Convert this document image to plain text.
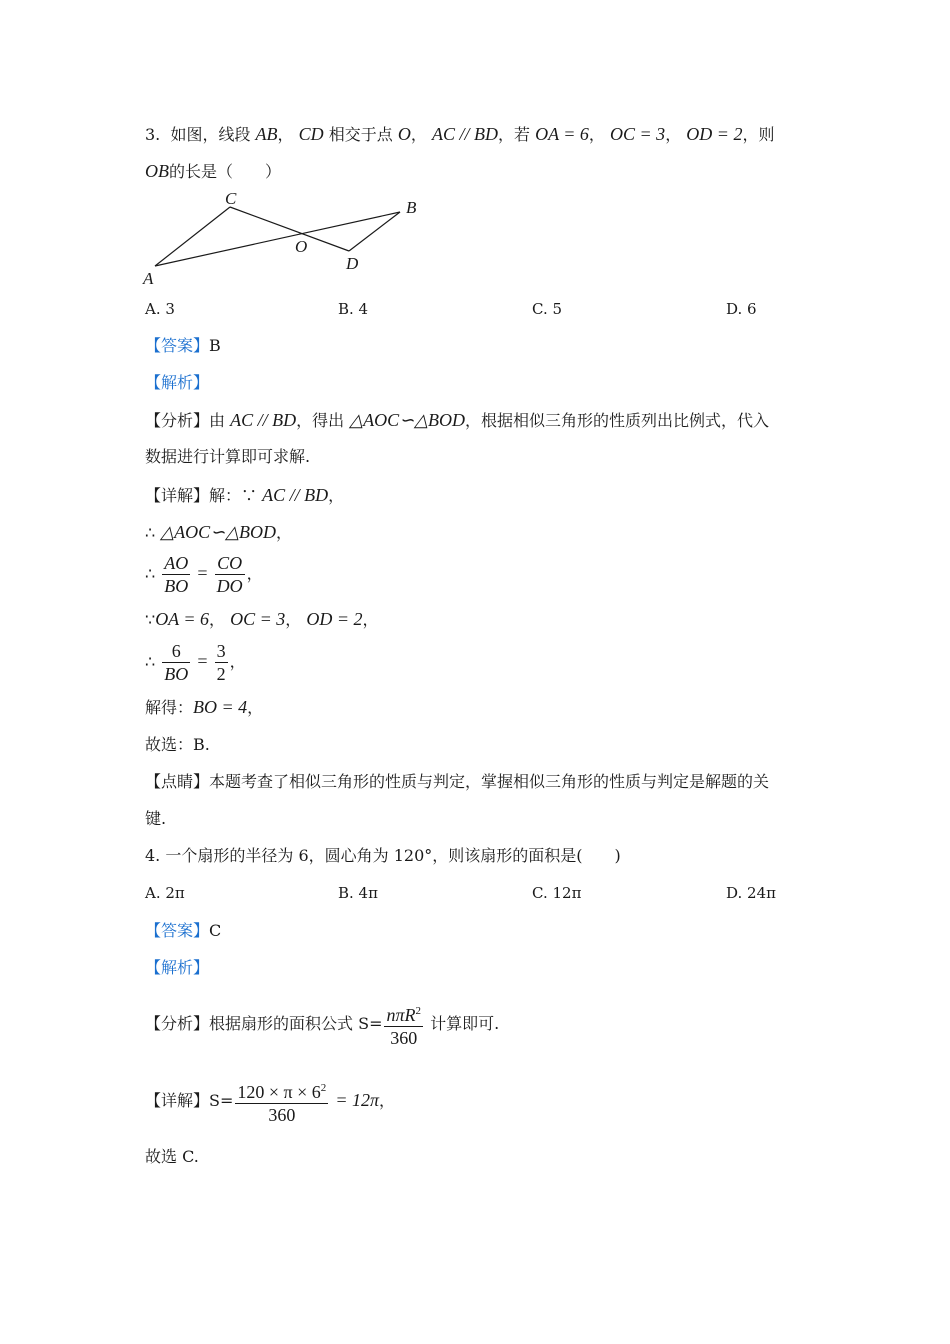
3. 如图，线段 AB， CD 相交于点 O， AC // BD，若 OA = 6， OC = 3， OD = 2，则
OB的长是（　　）
C	B
O
D
A
A. 3	B. 4	C. 5	D. 6
【答案】B
【解析】
【分析】由 AC // BD，得出 △AOC∽△BOD，根据相似三角形的性质列出比例式，代入
数据进行计算即可求解.
【详解】解：∵ AC // BD，
∴ △AOC∽△BOD，
∴ $\frac{AO}{BO} = \frac{CO}{DO}$ ，
∵OA = 6， OC = 3， OD = 2，
∴ $\frac{6}{BO} = \frac{3}{2}$ ，
解得：BO = 4，
故选：B.
【点睛】本题考查了相似三角形的性质与判定，掌握相似三角形的性质与判定是解题的关
键.
4. 一个扇形的半径为 6，圆心角为 120°，则该扇形的面积是(　　)
A. 2π	B. 4π	C. 12π	D. 24π
【答案】C
【解析】
【分析】根据扇形的面积公式 $S= \frac{n\pi R^2}{360}$ 计算即可.
【详解】$S= \frac{120 \times \pi \times 6^2}{360} = 12\pi$，
故选 C.
